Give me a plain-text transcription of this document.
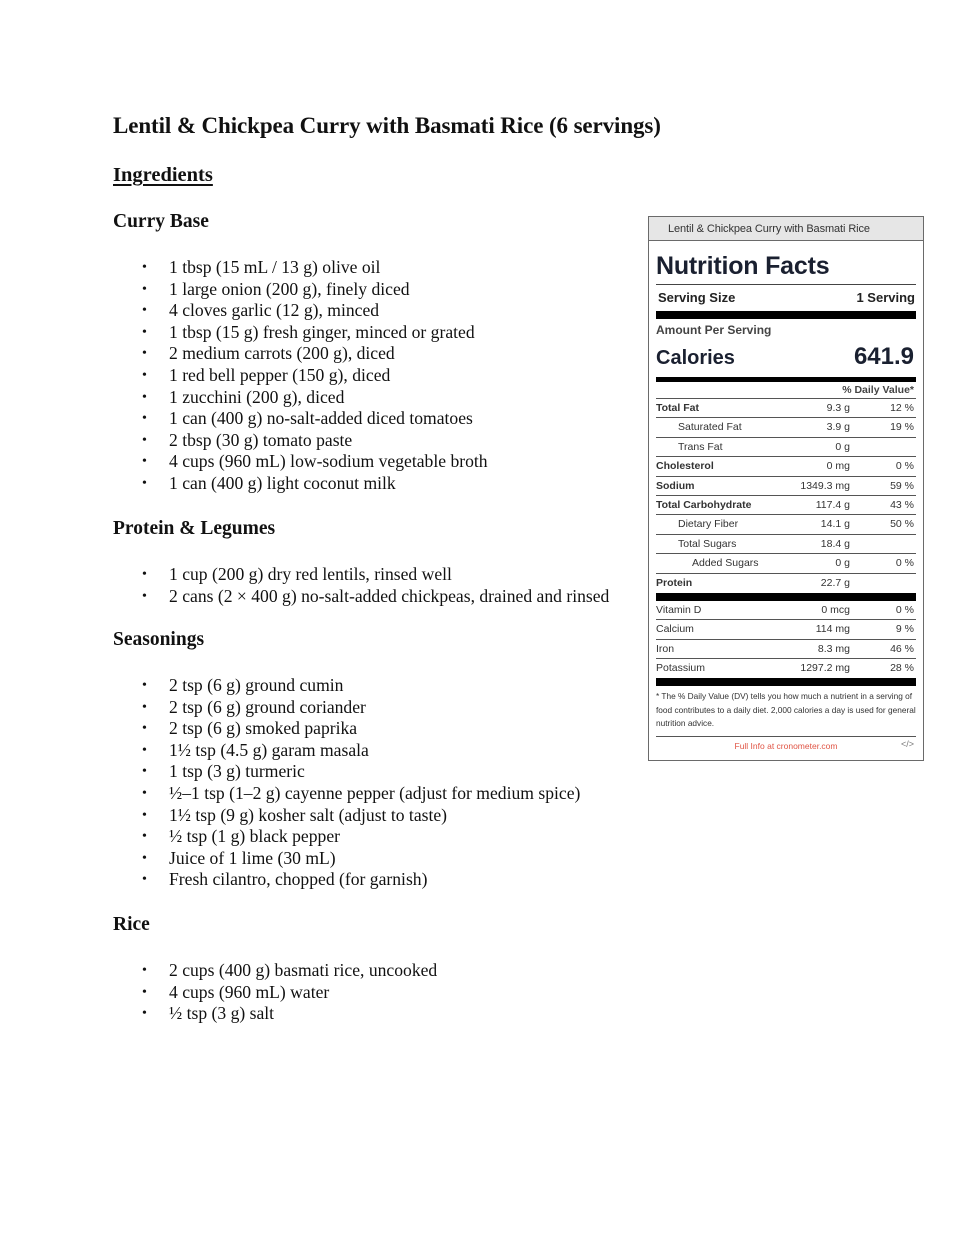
Lentil & Chickpea Curry with Basmati Rice (6 servings)
Ingredients
Curry Base
• 1 tbsp (15 mL / 13 g) olive oil
• 1 large onion (200 g), finely diced
• 4 cloves garlic (12 g), minced
• 1 tbsp (15 g) fresh ginger, minced or grated
• 2 medium carrots (200 g), diced
• 1 red bell pepper (150 g), diced
• 1 zucchini (200 g), diced
• 1 can (400 g) no-salt-added diced tomatoes
• 2 tbsp (30 g) tomato paste
• 4 cups (960 mL) low-sodium vegetable broth
• 1 can (400 g) light coconut milk
Protein & Legumes
• 1 cup (200 g) dry red lentils, rinsed well
• 2 cans (2 × 400 g) no-salt-added chickpeas, drained and rinsed
Seasonings
• 2 tsp (6 g) ground cumin
• 2 tsp (6 g) ground coriander
• 2 tsp (6 g) smoked paprika
• 1½ tsp (4.5 g) garam masala
• 1 tsp (3 g) turmeric
• ½–1 tsp (1–2 g) cayenne pepper (adjust for medium spice)
• 1½ tsp (9 g) kosher salt (adjust to taste)
• ½ tsp (1 g) black pepper
• Juice of 1 lime (30 mL)
• Fresh cilantro, chopped (for garnish)
Rice
• 2 cups (400 g) basmati rice, uncooked
• 4 cups (960 mL) water
• ½ tsp (3 g) salt
Lentil & Chickpea Curry with Basmati Rice
Nutrition Facts
Serving Size	1 Serving
Amount Per Serving
Calories	641.9
% Daily Value*
Total Fat	9.3 g	12 %
Saturated Fat	3.9 g	19 %
Trans Fat	0 g
Cholesterol	0 mg	0 %
Sodium	1349.3 mg	59 %
Total Carbohydrate	117.4 g	43 %
Dietary Fiber	14.1 g	50 %
Total Sugars	18.4 g
Added Sugars	0 g	0 %
Protein	22.7 g
Vitamin D	0 mcg	0 %
Calcium	114 mg	9 %
Iron	8.3 mg	46 %
Potassium	1297.2 mg	28 %
* The % Daily Value (DV) tells you how much a nutrient in a serving of food contributes to a daily diet. 2,000 calories a day is used for general nutrition advice.
Full Info at cronometer.com	</>
